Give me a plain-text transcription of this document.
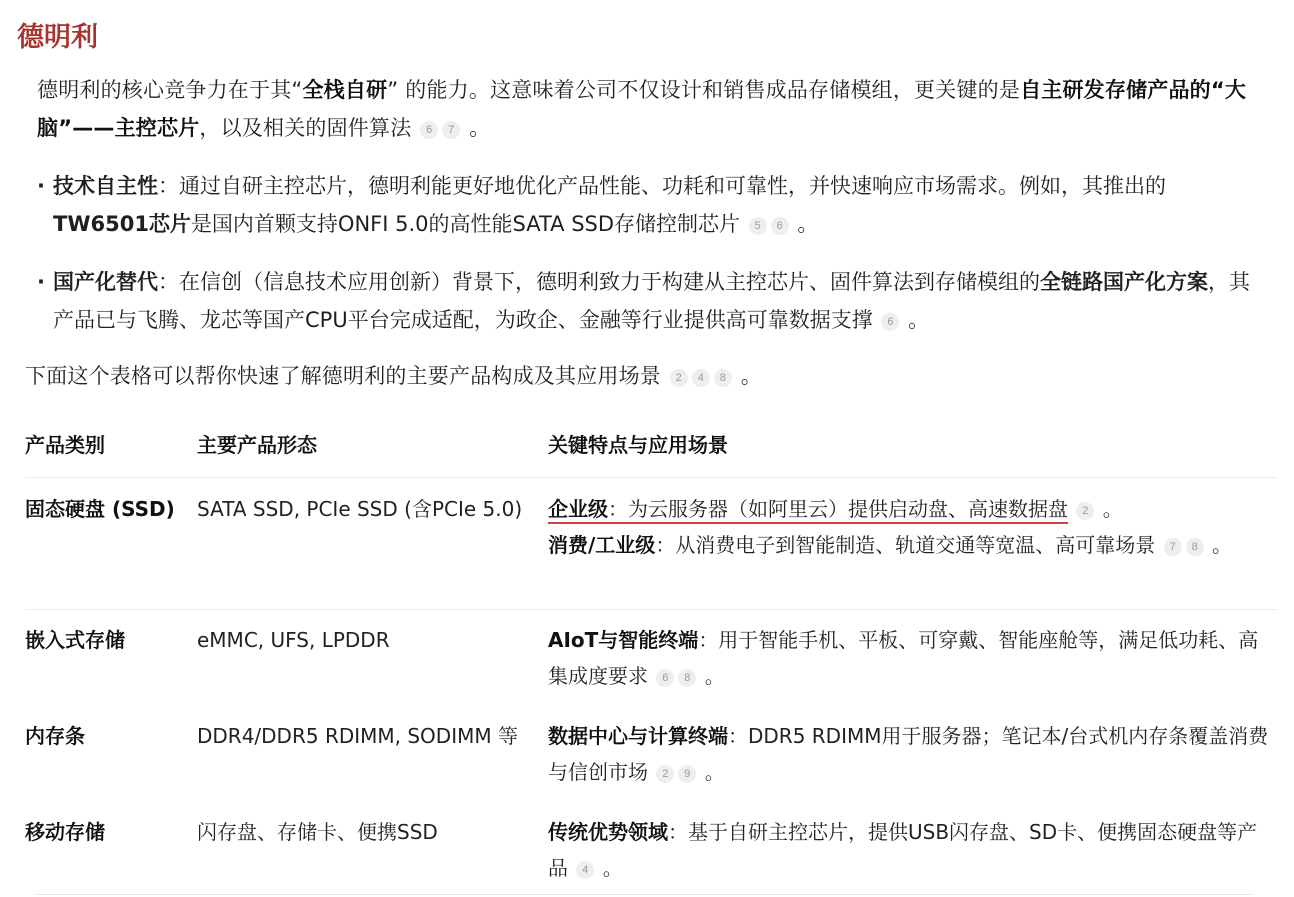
德明利
德明利的核心竞争力在于其“全栈自研” 的能力。这意味着公司不仅设计和销售成品存储模组，更关键的是自主研发存储产品的“大脑”——主控芯片，以及相关的固件算法 6 7 。
· 技术自主性：通过自研主控芯片，德明利能更好地优化产品性能、功耗和可靠性，并快速响应市场需求。例如，其推出的TW6501芯片是国内首颗支持ONFI 5.0的高性能SATA SSD存储控制芯片 5 6 。
· 国产化替代：在信创（信息技术应用创新）背景下，德明利致力于构建从主控芯片、固件算法到存储模组的全链路国产化方案，其产品已与飞腾、龙芯等国产CPU平台完成适配，为政企、金融等行业提供高可靠数据支撑 6 。
下面这个表格可以帮你快速了解德明利的主要产品构成及其应用场景 2 4 8 。
产品类别	主要产品形态	关键特点与应用场景
固态硬盘 (SSD)	SATA SSD, PCIe SSD (含PCIe 5.0)	企业级：为云服务器（如阿里云）提供启动盘、高速数据盘 2 。
消费/工业级：从消费电子到智能制造、轨道交通等宽温、高可靠场景 7 8 。
嵌入式存储	eMMC, UFS, LPDDR	AIoT与智能终端：用于智能手机、平板、可穿戴、智能座舱等，满足低功耗、高集成度要求 6 8 。
内存条	DDR4/DDR5 RDIMM, SODIMM 等	数据中心与计算终端：DDR5 RDIMM用于服务器；笔记本/台式机内存条覆盖消费与信创市场 2 9 。
移动存储	闪存盘、存储卡、便携SSD	传统优势领域：基于自研主控芯片，提供USB闪存盘、SD卡、便携固态硬盘等产品 4 。
